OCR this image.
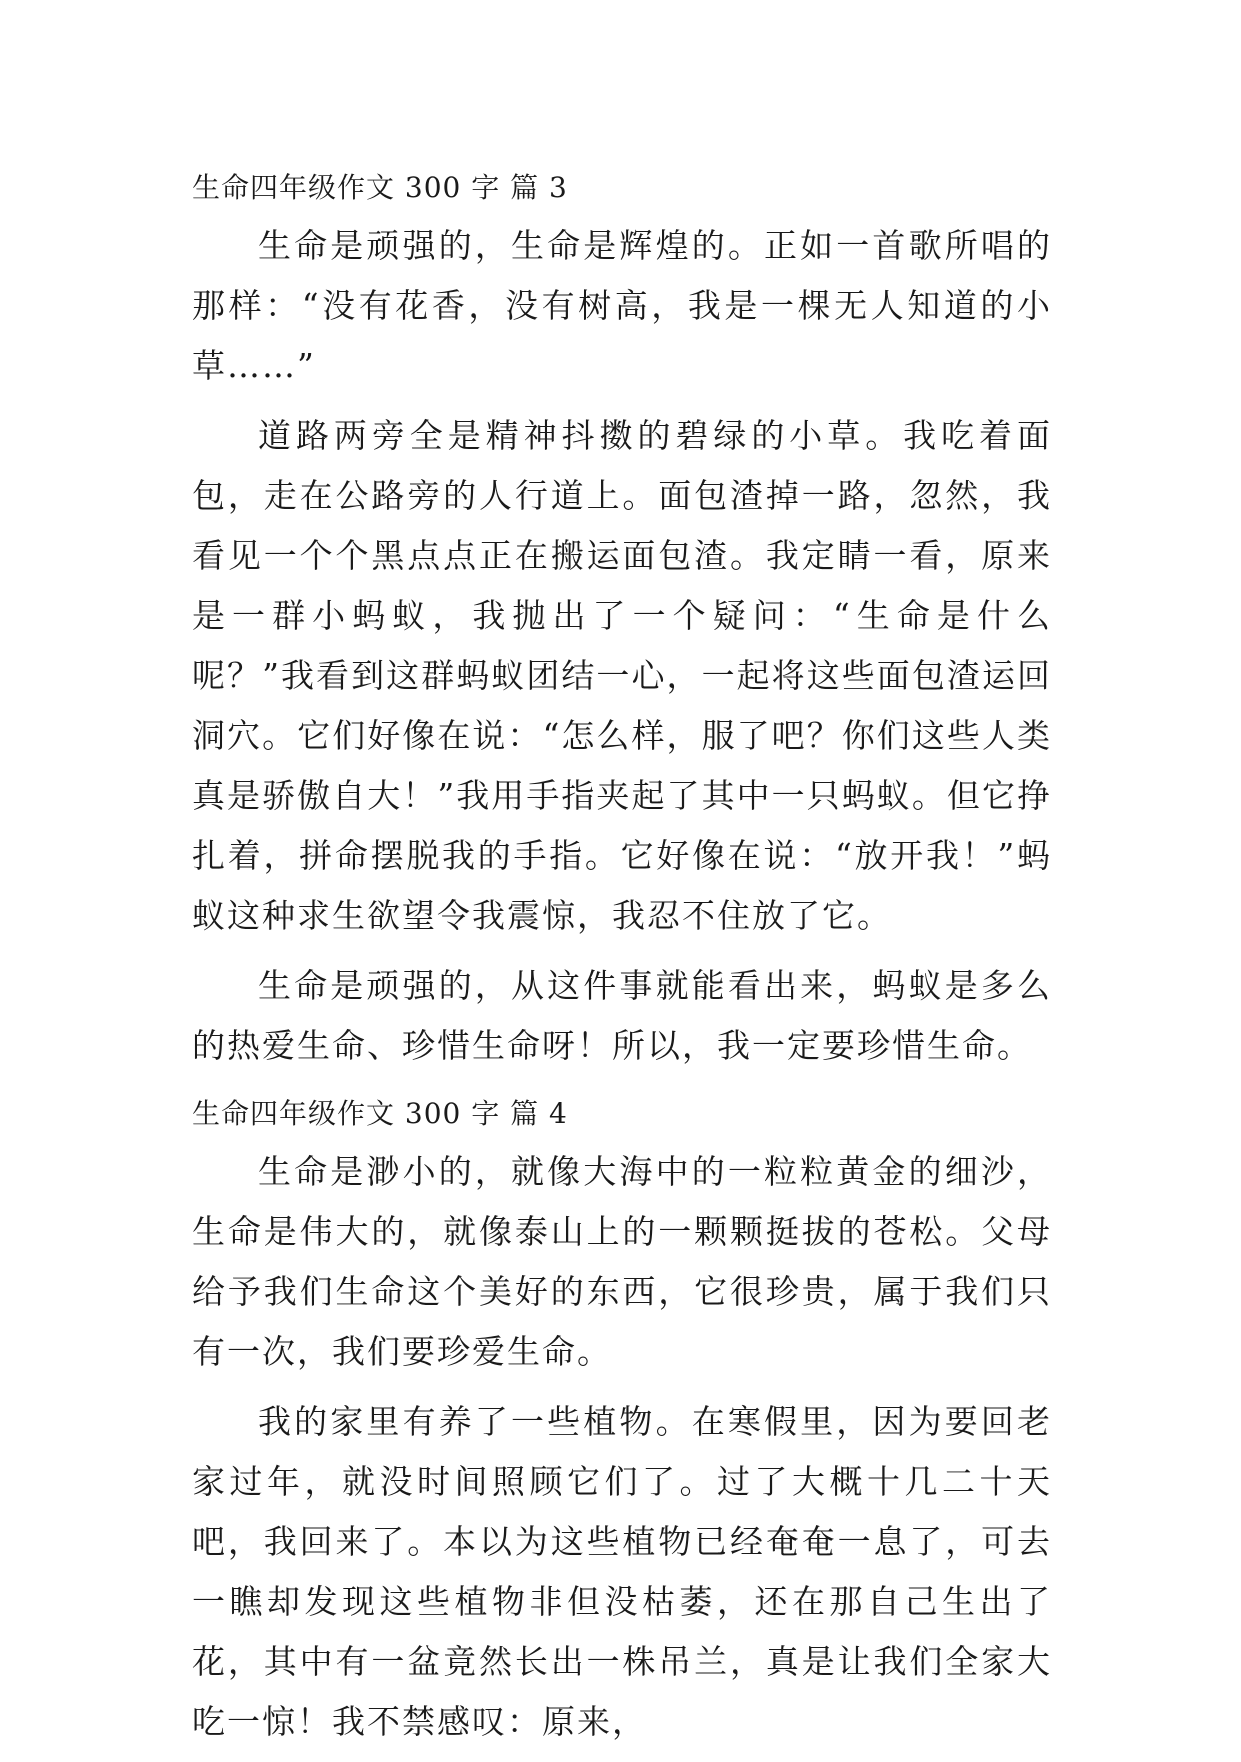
生命四年级作文 300 字 篇 3

生命是顽强的，生命是辉煌的。正如一首歌所唱的那样：“没有花香，没有树高，我是一棵无人知道的小草……”

道路两旁全是精神抖擞的碧绿的小草。我吃着面包，走在公路旁的人行道上。面包渣掉一路，忽然，我看见一个个黑点点正在搬运面包渣。我定睛一看，原来是一群小蚂蚁，我抛出了一个疑问：“生命是什么呢？”我看到这群蚂蚁团结一心，一起将这些面包渣运回洞穴。它们好像在说：“怎么样，服了吧？你们这些人类真是骄傲自大！”我用手指夹起了其中一只蚂蚁。但它挣扎着，拼命摆脱我的手指。它好像在说：“放开我！”蚂蚁这种求生欲望令我震惊，我忍不住放了它。

生命是顽强的，从这件事就能看出来，蚂蚁是多么的热爱生命、珍惜生命呀！所以，我一定要珍惜生命。

生命四年级作文 300 字 篇 4

生命是渺小的，就像大海中的一粒粒黄金的细沙，生命是伟大的，就像泰山上的一颗颗挺拔的苍松。父母给予我们生命这个美好的东西，它很珍贵，属于我们只有一次，我们要珍爱生命。

我的家里有养了一些植物。在寒假里，因为要回老家过年，就没时间照顾它们了。过了大概十几二十天吧，我回来了。本以为这些植物已经奄奄一息了，可去一瞧却发现这些植物非但没枯萎，还在那自己生出了花，其中有一盆竟然长出一株吊兰，真是让我们全家大吃一惊！我不禁感叹：原来，
